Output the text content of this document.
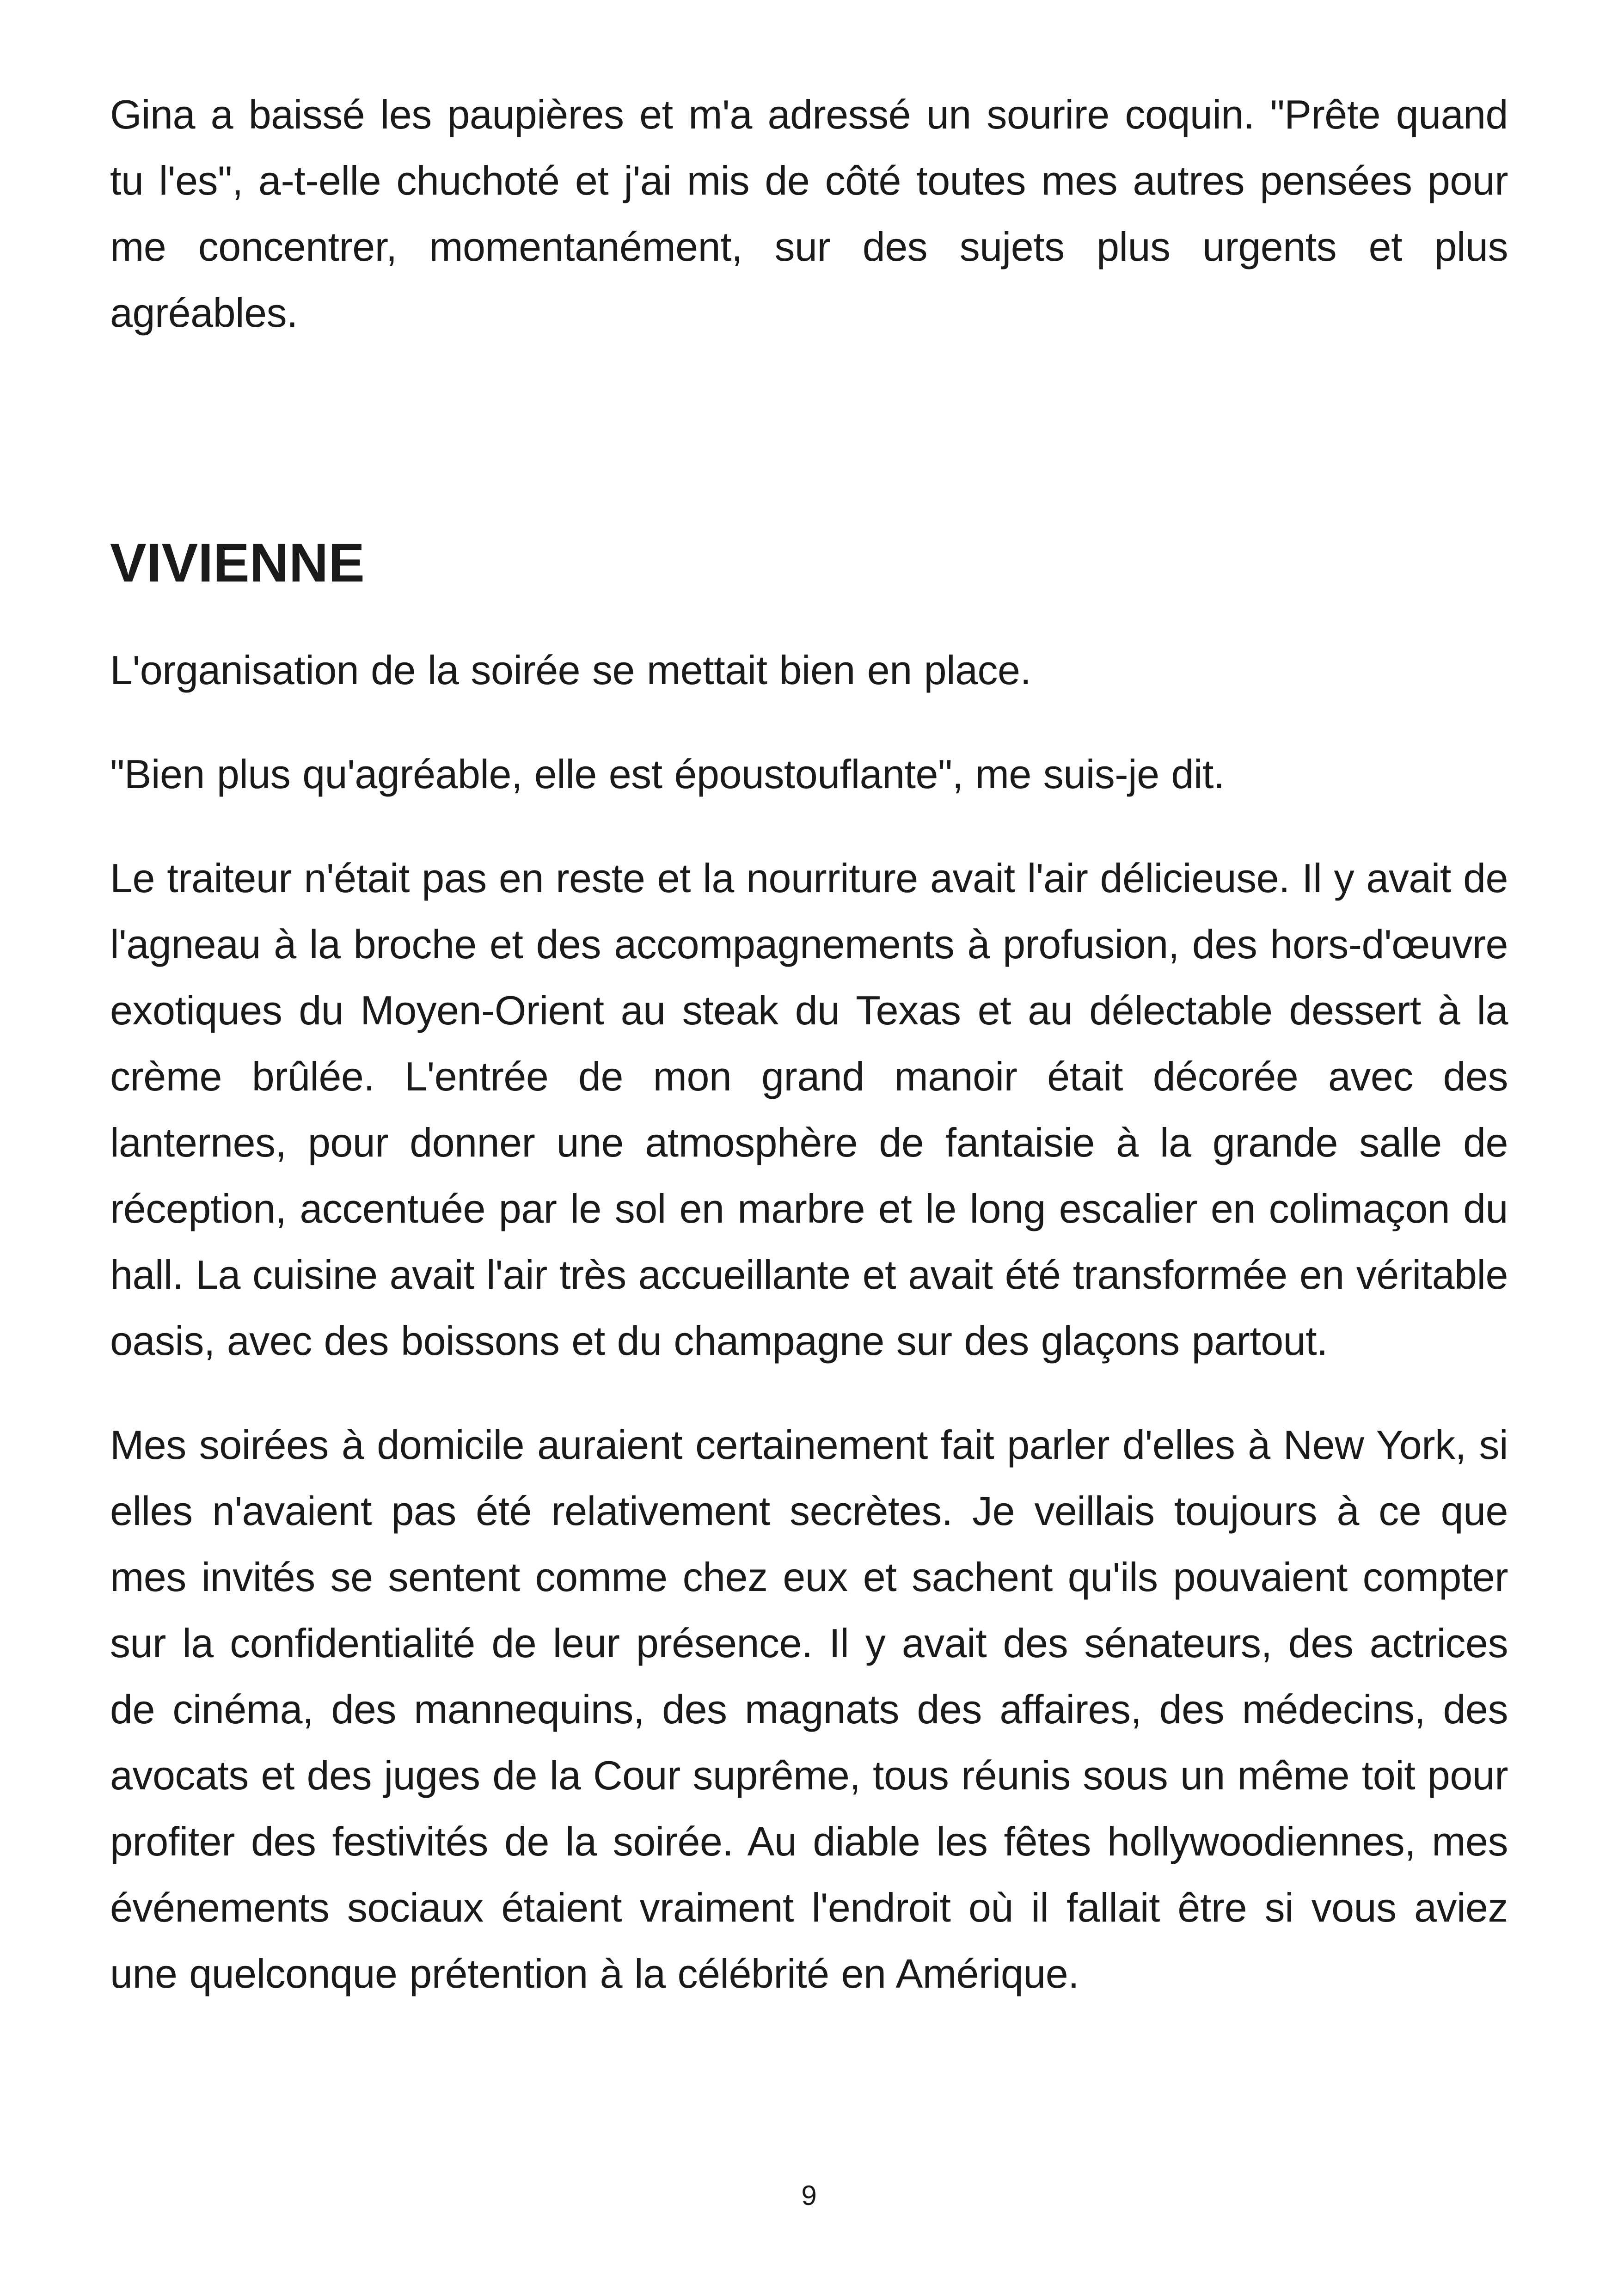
Gina a baissé les paupières et m'a adressé un sourire coquin. "Prête quand tu l'es", a-t-elle chuchoté et j'ai mis de côté toutes mes autres pensées pour me concentrer, momentanément, sur des sujets plus urgents et plus agréables.

VIVIENNE

L'organisation de la soirée se mettait bien en place.

"Bien plus qu'agréable, elle est époustouflante", me suis-je dit.

Le traiteur n'était pas en reste et la nourriture avait l'air délicieuse. Il y avait de l'agneau à la broche et des accompagnements à profusion, des hors-d'œuvre exotiques du Moyen-Orient au steak du Texas et au délectable dessert à la crème brûlée. L'entrée de mon grand manoir était décorée avec des lanternes, pour donner une atmosphère de fantaisie à la grande salle de réception, accentuée par le sol en marbre et le long escalier en colimaçon du hall. La cuisine avait l'air très accueillante et avait été transformée en véritable oasis, avec des boissons et du champagne sur des glaçons partout.

Mes soirées à domicile auraient certainement fait parler d'elles à New York, si elles n'avaient pas été relativement secrètes. Je veillais toujours à ce que mes invités se sentent comme chez eux et sachent qu'ils pouvaient compter sur la confidentialité de leur présence. Il y avait des sénateurs, des actrices de cinéma, des mannequins, des magnats des affaires, des médecins, des avocats et des juges de la Cour suprême, tous réunis sous un même toit pour profiter des festivités de la soirée. Au diable les fêtes hollywoodiennes, mes événements sociaux étaient vraiment l'endroit où il fallait être si vous aviez une quelconque prétention à la célébrité en Amérique.

9
